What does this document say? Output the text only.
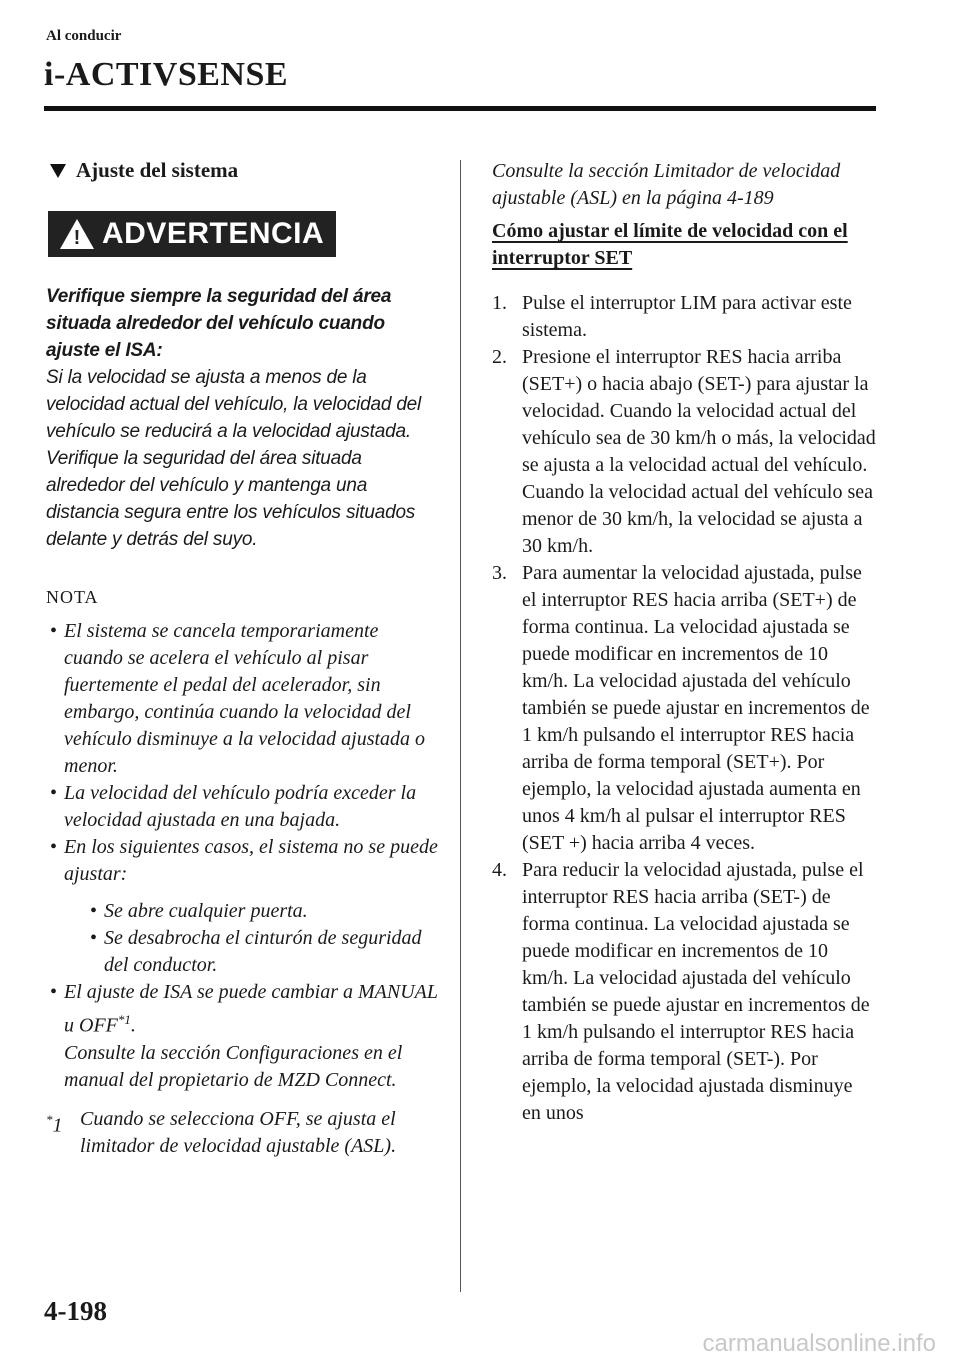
Al conducir
i-ACTIVSENSE
Ajuste del sistema
! ADVERTENCIA
Verifique siempre la seguridad del área situada alrededor del vehículo cuando ajuste el ISA:
Si la velocidad se ajusta a menos de la velocidad actual del vehículo, la velocidad del vehículo se reducirá a la velocidad ajustada. Verifique la seguridad del área situada alrededor del vehículo y mantenga una distancia segura entre los vehículos situados delante y detrás del suyo.
NOTA
• El sistema se cancela temporariamente cuando se acelera el vehículo al pisar fuertemente el pedal del acelerador, sin embargo, continúa cuando la velocidad del vehículo disminuye a la velocidad ajustada o menor.
• La velocidad del vehículo podría exceder la velocidad ajustada en una bajada.
• En los siguientes casos, el sistema no se puede ajustar:
• Se abre cualquier puerta.
• Se desabrocha el cinturón de seguridad del conductor.
• El ajuste de ISA se puede cambiar a MANUAL u OFF$^{*1}$.
Consulte la sección Configuraciones en el manual del propietario de MZD Connect.
*1 Cuando se selecciona OFF, se ajusta el limitador de velocidad ajustable (ASL).
Consulte la sección Limitador de velocidad ajustable (ASL) en la página 4-189
Cómo ajustar el límite de velocidad con el interruptor SET
1. Pulse el interruptor LIM para activar este sistema.
2. Presione el interruptor RES hacia arriba (SET+) o hacia abajo (SET-) para ajustar la velocidad. Cuando la velocidad actual del vehículo sea de 30 km/h o más, la velocidad se ajusta a la velocidad actual del vehículo. Cuando la velocidad actual del vehículo sea menor de 30 km/h, la velocidad se ajusta a 30 km/h.
3. Para aumentar la velocidad ajustada, pulse el interruptor RES hacia arriba (SET+) de forma continua. La velocidad ajustada se puede modificar en incrementos de 10 km/h. La velocidad ajustada del vehículo también se puede ajustar en incrementos de 1 km/h pulsando el interruptor RES hacia arriba de forma temporal (SET+). Por ejemplo, la velocidad ajustada aumenta en unos 4 km/h al pulsar el interruptor RES (SET +) hacia arriba 4 veces.
4. Para reducir la velocidad ajustada, pulse el interruptor RES hacia arriba (SET-) de forma continua. La velocidad ajustada se puede modificar en incrementos de 10 km/h. La velocidad ajustada del vehículo también se puede ajustar en incrementos de 1 km/h pulsando el interruptor RES hacia arriba de forma temporal (SET-). Por ejemplo, la velocidad ajustada disminuye en unos
4-198
carmanualsonline.info
